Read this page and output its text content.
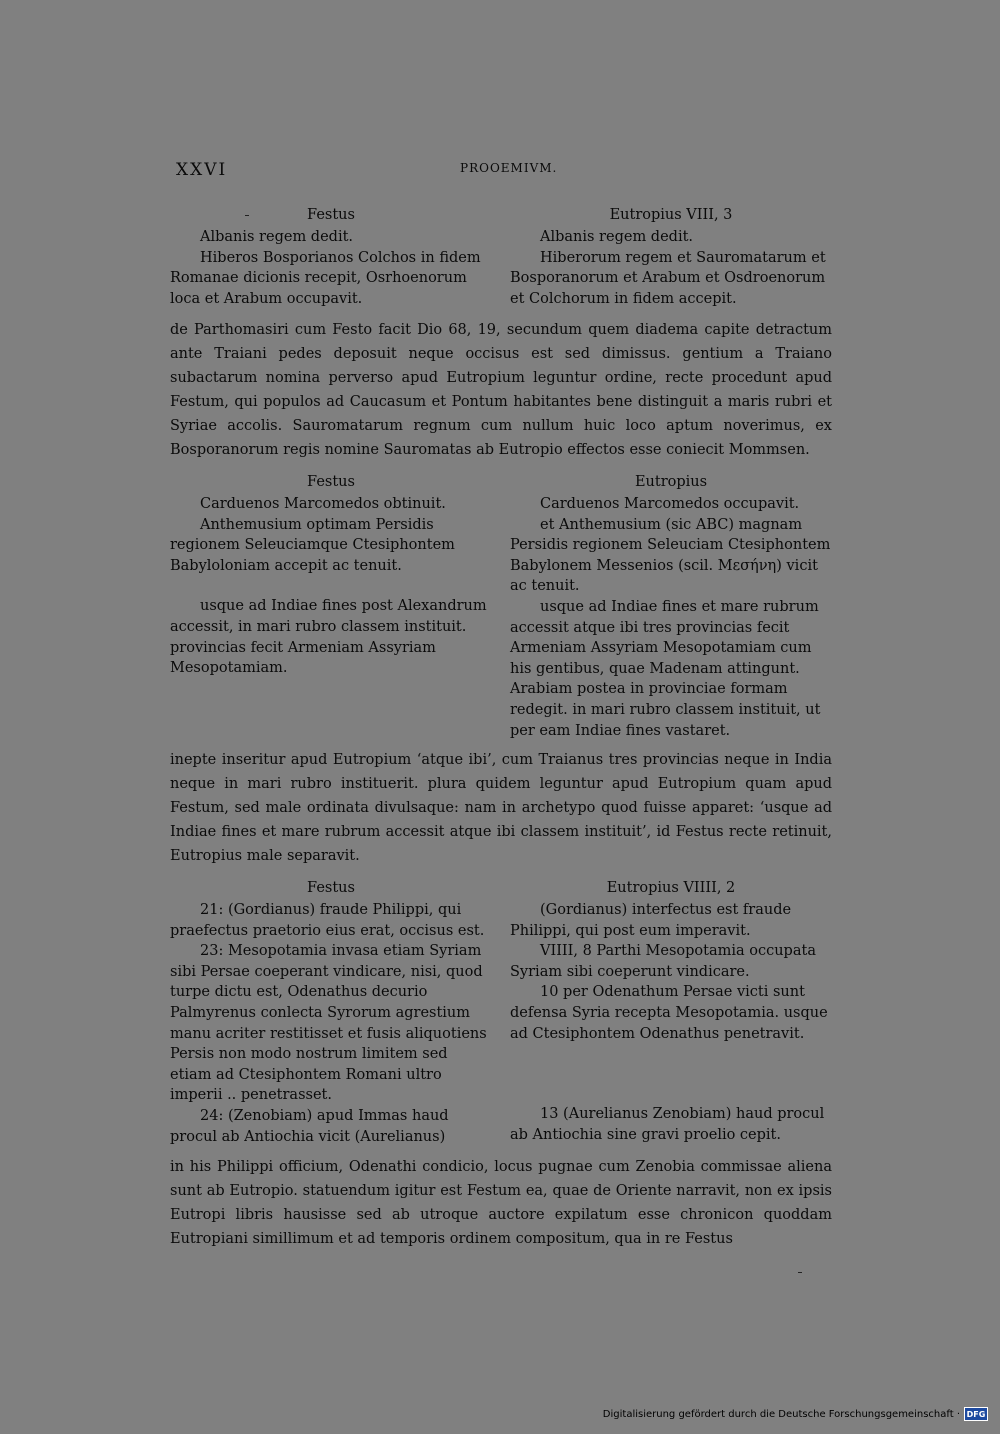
XXVI	PROOEMIVM.
Festus

Albanis regem dedit.

Hiberos Bosporianos Colchos in fidem Romanae dicionis recepit, Osrhoenorum loca et Arabum occupavit.

Eutropius VIII, 3

Albanis regem dedit.

Hiberorum regem et Sauromatarum et Bosporanorum et Arabum et Osdroenorum et Colchorum in fidem accepit.

de Parthomasiri cum Festo facit Dio 68, 19, secundum quem diadema capite detractum ante Traiani pedes deposuit neque occisus est sed dimissus. gentium a Traiano subactarum nomina perverso apud Eutropium leguntur ordine, recte procedunt apud Festum, qui populos ad Caucasum et Pontum habitantes bene distinguit a maris rubri et Syriae accolis. Sauromatarum regnum cum nullum huic loco aptum noverimus, ex Bosporanorum regis nomine Sauromatas ab Eutropio effectos esse coniecit Mommsen.
Festus

Carduenos Marcomedos obtinuit.

Anthemusium optimam Persidis regionem Seleuciamque Ctesiphontem Babyloloniam accepit ac tenuit.

usque ad Indiae fines post Alexandrum accessit, in mari rubro classem instituit. provincias fecit Armeniam Assyriam Mesopotamiam.

Eutropius

Carduenos Marcomedos occupavit.

et Anthemusium (sic ABC) magnam Persidis regionem Seleuciam Ctesiphontem Babylonem Messenios (scil. Μεσήνη) vicit ac tenuit.

usque ad Indiae fines et mare rubrum accessit atque ibi tres provincias fecit Armeniam Assyriam Mesopotamiam cum his gentibus, quae Madenam attingunt. Arabiam postea in provinciae formam redegit. in mari rubro classem instituit, ut per eam Indiae fines vastaret.

inepte inseritur apud Eutropium ‘atque ibi’, cum Traianus tres provincias neque in India neque in mari rubro instituerit. plura quidem leguntur apud Eutropium quam apud Festum, sed male ordinata divulsaque: nam in archetypo quod fuisse apparet: ‘usque ad Indiae fines et mare rubrum accessit atque ibi classem instituit’, id Festus recte retinuit, Eutropius male separavit.
Festus

21: (Gordianus) fraude Philippi, qui praefectus praetorio eius erat, occisus est.

23: Mesopotamia invasa etiam Syriam sibi Persae coeperant vindicare, nisi, quod turpe dictu est, Odenathus decurio Palmyrenus conlecta Syrorum agrestium manu acriter restitisset et fusis aliquotiens Persis non modo nostrum limitem sed etiam ad Ctesiphontem Romani ultro imperii .. penetrasset.

24: (Zenobiam) apud Immas haud procul ab Antiochia vicit (Aurelianus)

Eutropius VIIII, 2

(Gordianus) interfectus est fraude Philippi, qui post eum imperavit.

VIIII, 8 Parthi Mesopotamia occupata Syriam sibi coeperunt vindicare.

10 per Odenathum Persae victi sunt defensa Syria recepta Mesopotamia. usque ad Ctesiphontem Odenathus penetravit.

13 (Aurelianus Zenobiam) haud procul ab Antiochia sine gravi proelio cepit.

in his Philippi officium, Odenathi condicio, locus pugnae cum Zenobia commissae aliena sunt ab Eutropio. statuendum igitur est Festum ea, quae de Oriente narravit, non ex ipsis Eutropi libris hausisse sed ab utroque auctore expilatum esse chronicon quoddam Eutropiani simillimum et ad temporis ordinem compositum, qua in re Festus
Digitalisierung gefördert durch die Deutsche Forschungsgemeinschaft · DFG
